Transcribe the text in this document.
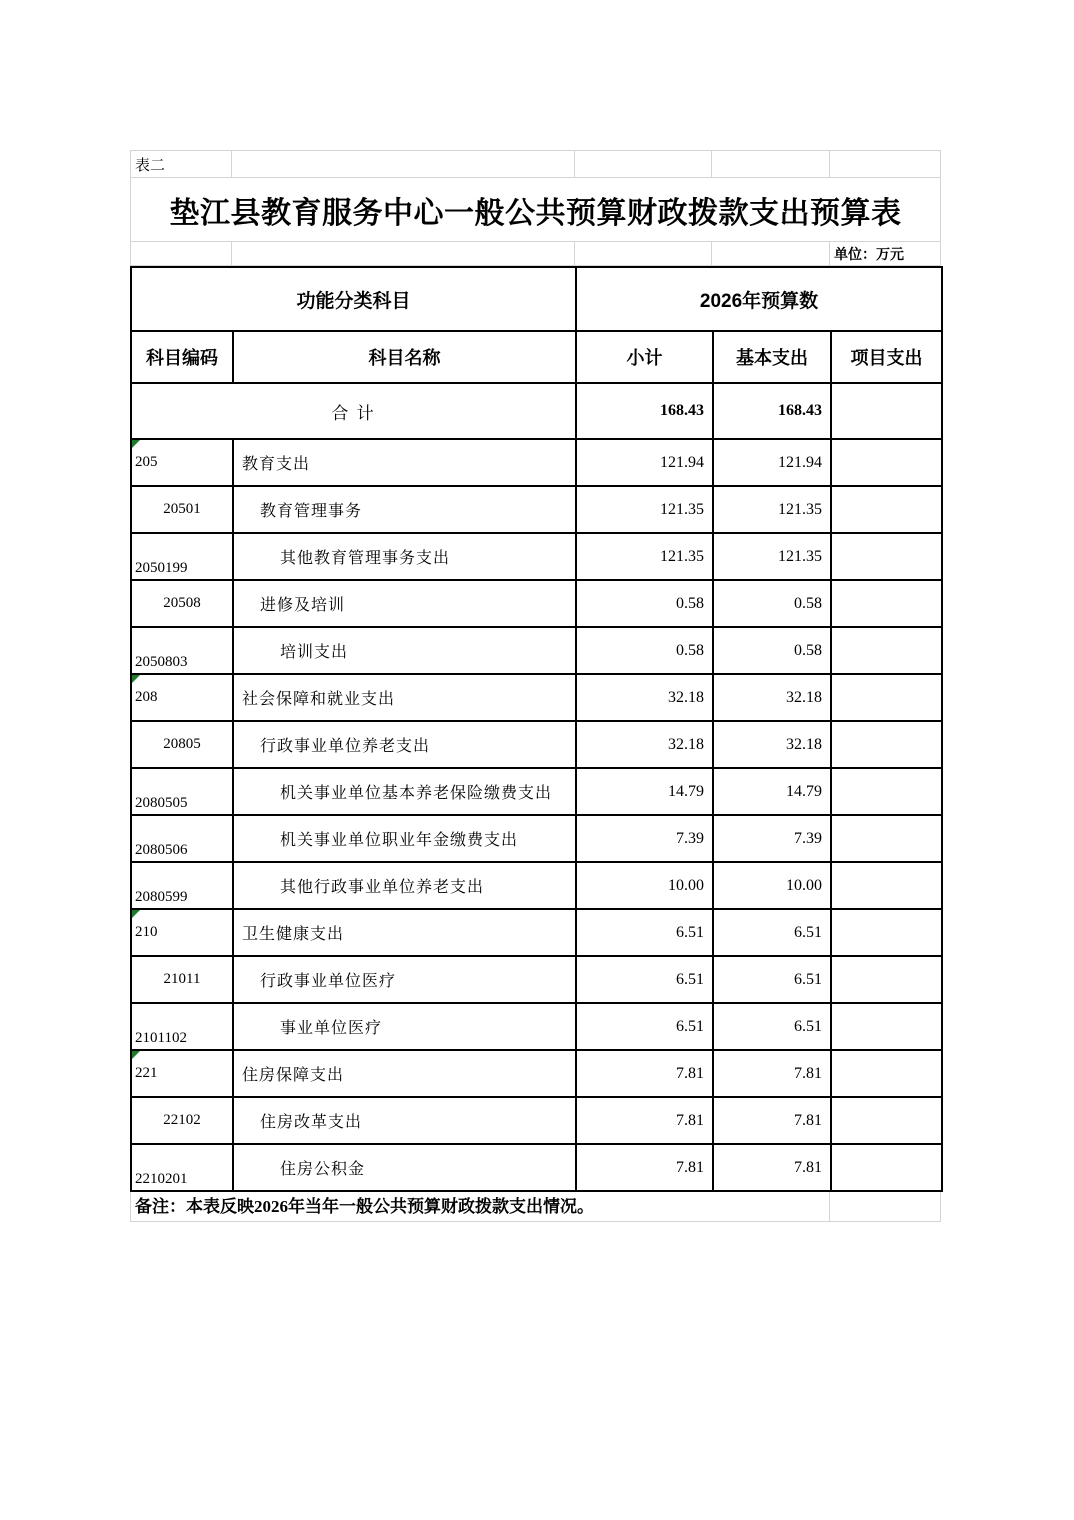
表二
垫江县教育服务中心一般公共预算财政拨款支出预算表
单位：万元
功能分类科目		2026年预算数		
科目编码	科目名称	小计	基本支出	项目支出
合 计		168.43	168.43	
205	教育支出	121.94	121.94	
20501	教育管理事务	121.35	121.35	
2050199	其他教育管理事务支出	121.35	121.35	
20508	进修及培训	0.58	0.58	
2050803	培训支出	0.58	0.58	
208	社会保障和就业支出	32.18	32.18	
20805	行政事业单位养老支出	32.18	32.18	
2080505	机关事业单位基本养老保险缴费支出	14.79	14.79	
2080506	机关事业单位职业年金缴费支出	7.39	7.39	
2080599	其他行政事业单位养老支出	10.00	10.00	
210	卫生健康支出	6.51	6.51	
21011	行政事业单位医疗	6.51	6.51	
2101102	事业单位医疗	6.51	6.51	
221	住房保障支出	7.81	7.81	
22102	住房改革支出	7.81	7.81	
2210201	住房公积金	7.81	7.81	
备注：本表反映2026年当年一般公共预算财政拨款支出情况。
